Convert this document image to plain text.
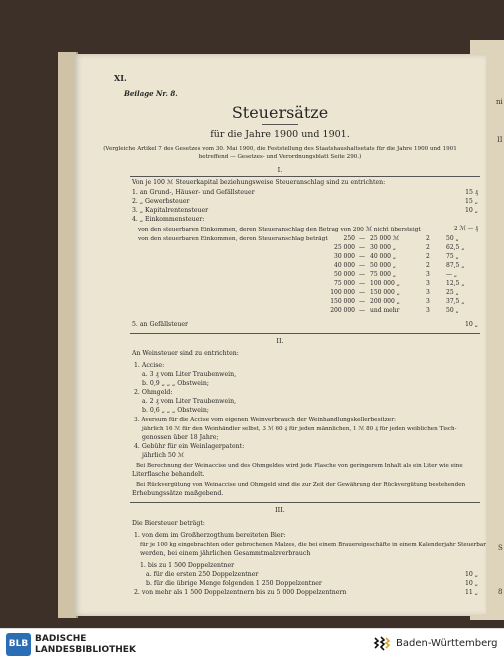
ni
II
S
8
XI.
Beilage Nr. 8.
Steuersätze
für die Jahre 1900 und 1901.
(Vergleiche Artikel 7 des Gesetzes vom 30. Mai 1900, die Feststellung des Staatshaushaltsetats für die Jahre 1900 und 1901
betreffend — Gesetzes- und Verordnungsblatt Seite 290.)
I.
Von je 100 ℳ Steuerkapital beziehungsweise Steueranschlag sind zu entrichten:
1. an Grund-, Häuser- und Gefällsteuer	15 ₰
2. „ Gewerbsteuer	15 „
3. „ Kapitalrentensteuer	10 „
4. „ Einkommensteuer:
von den steuerbaren Einkommen, deren Steueranschlag den Betrag von 200 ℳ nicht übersteigt	2 ℳ — ₰
von den steuerbaren Einkommen, deren Steueranschlag beträgt	250 — 25 000 ℳ	2	50 „
25 000 — 30 000 „	2	62,5 „
30 000 — 40 000 „	2	75 „
40 000 — 50 000 „	2	87,5 „
50 000 — 75 000 „	3	— „
75 000 — 100 000 „	3	12,5 „
100 000 — 150 000 „	3	25 „
150 000 — 200 000 „	3	37,5 „
200 000 — und mehr	3	50 „
5. an Gefällsteuer	10 „
II.
An Weinsteuer sind zu entrichten:
1. Accise:
a. 3 ₰ vom Liter Traubenwein,
b. 0,9 „ „ „ Obstwein;
2. Ohmgeld:
a. 2 ₰ vom Liter Traubenwein,
b. 0,6 „ „ „ Obstwein;
3. Aversum für die Accise vom eigenen Weinverbrauch der Weinhandlungskellerbesitzer:
jährlich 16 ℳ für den Weinhändler selbst, 3 ℳ 60 ₰ für jeden männlichen, 1 ℳ 80 ₰ für jeden weiblichen Tisch-
genossen über 18 Jahre;
4. Gebühr für ein Weinlagerpatent:
jährlich 50 ℳ
Bei Berechnung der Weinaccise und des Ohmgeldes wird jede Flasche von geringerem Inhalt als ein Liter wie eine
Literflasche behandelt.
Bei Rückvergütung von Weinaccise und Ohmgeld sind die zur Zeit der Gewährung der Rückvergütung bestehenden
Erhebungssätze maßgebend.
III.
Die Biersteuer beträgt:
1. von dem im Großherzogthum bereiteten Bier:
für je 100 kg eingebrachten oder gebrochenen Malzes, die bei einem Brauereigeschäfte in einem Kalenderjahr Steuerbar
werden, bei einem jährlichen Gesammtmalzverbrauch
1. bis zu 1 500 Doppelzentner
a. für die ersten 250 Doppelzentner	10 „
b. für die übrige Menge folgenden 1 250 Doppelzentner	10 „
2. von mehr als 1 500 Doppelzentnern bis zu 5 000 Doppelzentnern	11 „
BLB BADISCHE
LANDESBIBLIOTHEK
Baden-Württemberg
